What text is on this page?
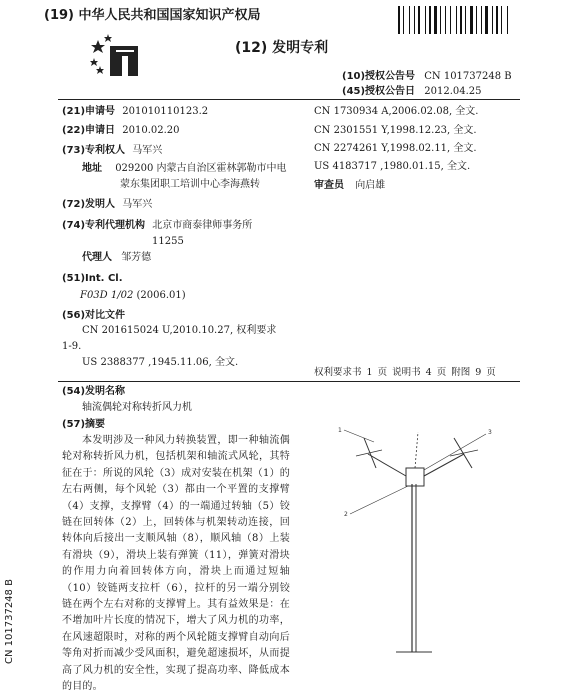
(19) 中华人民共和国国家知识产权局
(12) 发明专利
(10)授权公告号 CN 101737248 B
(45)授权公告日 2012.04.25
(21)申请号 201010110123.2
(22)申请日 2010.02.20
(73)专利权人 马军兴
地址 029200 内蒙古自治区霍林郭勒市中电
蒙东集团职工培训中心李海燕转
(72)发明人 马军兴
(74)专利代理机构 北京市商泰律师事务所
11255
代理人 邹芳德
(51)Int. Cl.
F03D 1/02 (2006.01)
(56)对比文件
CN 201615024 U,2010.10.27, 权利要求
1-9.
US 2388377 ,1945.11.06, 全文.
CN 1730934 A,2006.02.08, 全文.
CN 2301551 Y,1998.12.23, 全文.
CN 2274261 Y,1998.02.11, 全文.
US 4183717 ,1980.01.15, 全文.
审查员 向启雄
权利要求书 1 页 说明书 4 页 附图 9 页
(54)发明名称
轴流偶轮对称转折风力机
(57)摘要
本发明涉及一种风力转换装置，即一种轴流偶轮对称转折风力机，包括机架和轴流式风轮，其特征在于：所说的风轮（3）成对安装在机架（1）的左右两侧，每个风轮（3）都由一个平置的支撑臂（4）支撑，支撑臂（4）的一端通过转轴（5）铰链在回转体（2）上，回转体与机架转动连接，回转体向后接出一支顺风轴（8），顺风轴（8）上装有滑块（9），滑块上装有弹簧（11），弹簧对滑块的作用力向着回转体方向，滑块上而通过短轴（10）铰链两支拉杆（6），拉杆的另一端分别铰链在两个左右对称的支撑臂上。其有益效果是：在不增加叶片长度的情况下，增大了风力机的功率，在风速超限时，对称的两个风轮随支撑臂自动向后等角对折而减少受风面积，避免超速损坏，从而提高了风力机的安全性，实现了提高功率、降低成本的目的。
CN 101737248 B
1
2
3
